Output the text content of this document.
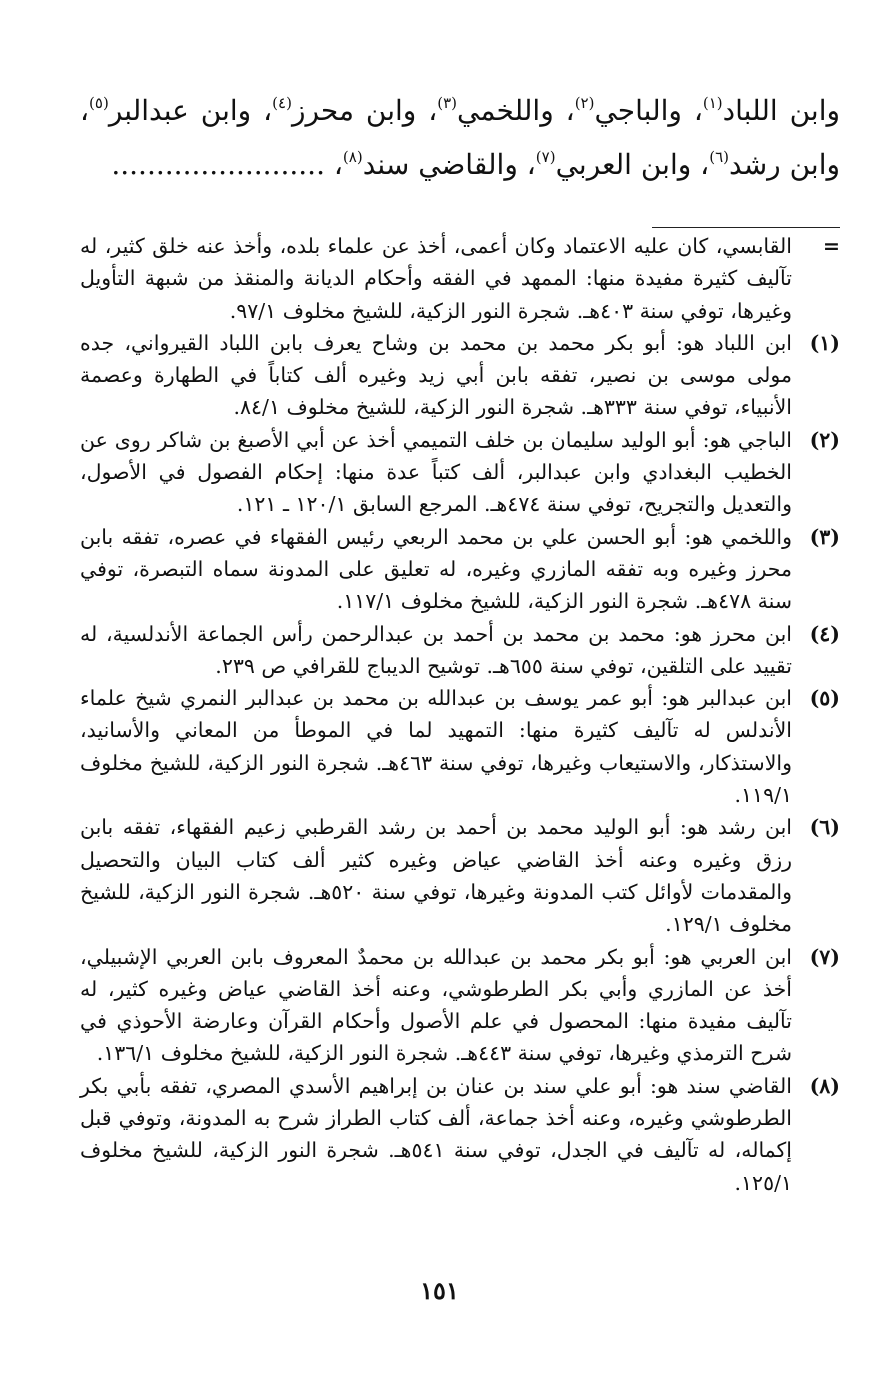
وابن اللباد$^{(١)}$، والباجي$^{(٢)}$، واللخمي$^{(٣)}$، وابن محرز$^{(٤)}$، وابن عبدالبر$^{(٥)}$،
وابن رشد$^{(٦)}$، وابن العربي$^{(٧)}$، والقاضي سند$^{(٨)}$، ........................
=
القابسي، كان عليه الاعتماد وكان أعمى، أخذ عن علماء بلده، وأخذ عنه خلق كثير، له تآليف كثيرة مفيدة منها: الممهد في الفقه وأحكام الديانة والمنقذ من شبهة التأويل وغيرها، توفي سنة ٤٠٣هـ. شجرة النور الزكية، للشيخ مخلوف ٩٧/١.
(١)
ابن اللباد هو: أبو بكر محمد بن محمد بن وشاح يعرف بابن اللباد القيرواني، جده مولى موسى بن نصير، تفقه بابن أبي زيد وغيره ألف كتاباً في الطهارة وعصمة الأنبياء، توفي سنة ٣٣٣هـ. شجرة النور الزكية، للشيخ مخلوف ٨٤/١.
(٢)
الباجي هو: أبو الوليد سليمان بن خلف التميمي أخذ عن أبي الأصبغ بن شاكر روى عن الخطيب البغدادي وابن عبدالبر، ألف كتباً عدة منها: إحكام الفصول في الأصول، والتعديل والتجريح، توفي سنة ٤٧٤هـ. المرجع السابق ١٢٠/١ ـ ١٢١.
(٣)
واللخمي هو: أبو الحسن علي بن محمد الربعي رئيس الفقهاء في عصره، تفقه بابن محرز وغيره وبه تفقه المازري وغيره، له تعليق على المدونة سماه التبصرة، توفي سنة ٤٧٨هـ. شجرة النور الزكية، للشيخ مخلوف ١١٧/١.
(٤)
ابن محرز هو: محمد بن محمد بن أحمد بن عبدالرحمن رأس الجماعة الأندلسية، له تقييد على التلقين، توفي سنة ٦٥٥هـ. توشيح الديباج للقرافي ص ٢٣٩.
(٥)
ابن عبدالبر هو: أبو عمر يوسف بن عبدالله بن محمد بن عبدالبر النمري شيخ علماء الأندلس له تآليف كثيرة منها: التمهيد لما في الموطأ من المعاني والأسانيد، والاستذكار، والاستيعاب وغيرها، توفي سنة ٤٦٣هـ. شجرة النور الزكية، للشيخ مخلوف ١١٩/١.
(٦)
ابن رشد هو: أبو الوليد محمد بن أحمد بن رشد القرطبي زعيم الفقهاء، تفقه بابن رزق وغيره وعنه أخذ القاضي عياض وغيره كثير ألف كتاب البيان والتحصيل والمقدمات لأوائل كتب المدونة وغيرها، توفي سنة ٥٢٠هـ. شجرة النور الزكية، للشيخ مخلوف ١٢٩/١.
(٧)
ابن العربي هو: أبو بكر محمد بن عبدالله بن محمدٌ المعروف بابن العربي الإشبيلي، أخذ عن المازري وأبي بكر الطرطوشي، وعنه أخذ القاضي عياض وغيره كثير، له تآليف مفيدة منها: المحصول في علم الأصول وأحكام القرآن وعارضة الأحوذي في شرح الترمذي وغيرها، توفي سنة ٤٤٣هـ. شجرة النور الزكية، للشيخ مخلوف ١٣٦/١.
(٨)
القاضي سند هو: أبو علي سند بن عنان بن إبراهيم الأسدي المصري، تفقه بأبي بكر الطرطوشي وغيره، وعنه أخذ جماعة، ألف كتاب الطراز شرح به المدونة، وتوفي قبل إكماله، له تآليف في الجدل، توفي سنة ٥٤١هـ. شجرة النور الزكية، للشيخ مخلوف ١٢٥/١.
١٥١
